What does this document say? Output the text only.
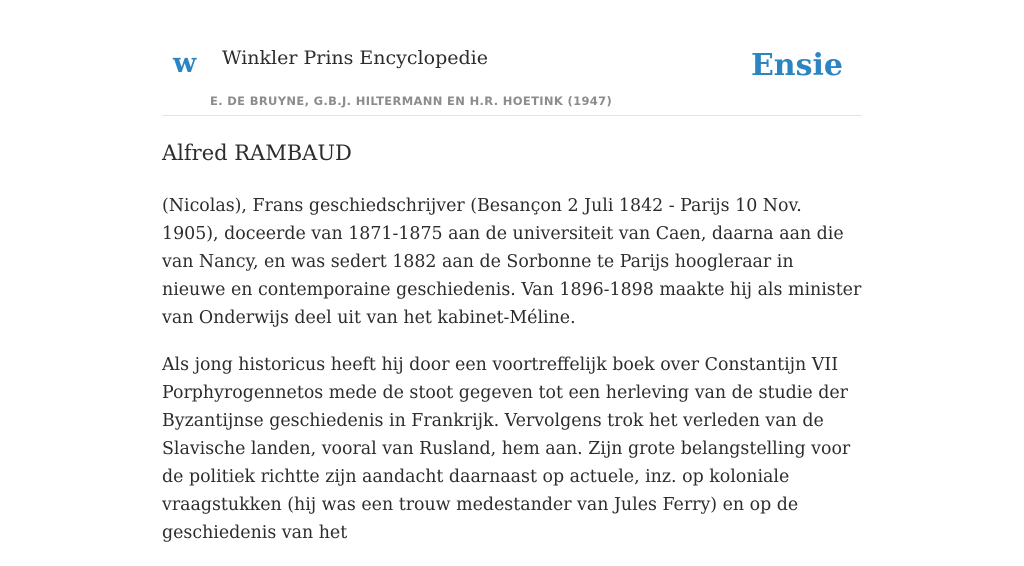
w Winkler Prins Encyclopedie
E. DE BRUYNE, G.B.J. HILTERMANN EN H.R. HOETINK (1947)
Ensie
Alfred RAMBAUD

(Nicolas), Frans geschiedschrijver (Besançon 2 Juli 1842 - Parijs 10 Nov. 1905), doceerde van 1871-1875 aan de universiteit van Caen, daarna aan die van Nancy, en was sedert 1882 aan de Sorbonne te Parijs hoogleraar in nieuwe en contemporaine geschiedenis. Van 1896-1898 maakte hij als minister van Onderwijs deel uit van het kabinet-Méline.

Als jong historicus heeft hij door een voortreffelijk boek over Constantijn VII Porphyrogennetos mede de stoot gegeven tot een herleving van de studie der Byzantijnse geschiedenis in Frankrijk. Vervolgens trok het verleden van de Slavische landen, vooral van Rusland, hem aan. Zijn grote belangstelling voor de politiek richtte zijn aandacht daarnaast op actuele, inz. op koloniale vraagstukken (hij was een trouw medestander van Jules Ferry) en op de geschiedenis van het
